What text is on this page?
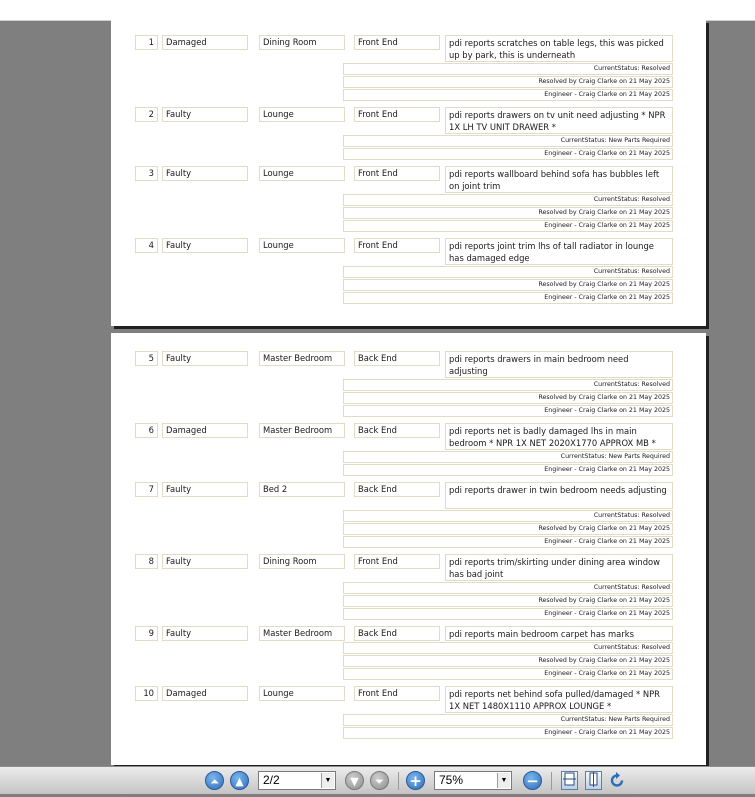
1	Damaged	Dining Room	Front End	pdi reports scratches on table legs, this was picked up by park, this is underneath
CurrentStatus: Resolved
Resolved by Craig Clarke on 21 May 2025
Engineer - Craig Clarke on 21 May 2025
2	Faulty	Lounge	Front End	pdi reports drawers on tv unit need adjusting * NPR 1X LH TV UNIT DRAWER *
CurrentStatus: New Parts Required
Engineer - Craig Clarke on 21 May 2025
3	Faulty	Lounge	Front End	pdi reports wallboard behind sofa has bubbles left on joint trim
CurrentStatus: Resolved
Resolved by Craig Clarke on 21 May 2025
Engineer - Craig Clarke on 21 May 2025
4	Faulty	Lounge	Front End	pdi reports joint trim lhs of tall radiator in lounge has damaged edge
CurrentStatus: Resolved
Resolved by Craig Clarke on 21 May 2025
Engineer - Craig Clarke on 21 May 2025
5	Faulty	Master Bedroom	Back End	pdi reports drawers in main bedroom need adjusting
CurrentStatus: Resolved
Resolved by Craig Clarke on 21 May 2025
Engineer - Craig Clarke on 21 May 2025
6	Damaged	Master Bedroom	Back End	pdi reports net is badly damaged lhs in main bedroom * NPR 1X NET 2020X1770 APPROX MB *
CurrentStatus: New Parts Required
Engineer - Craig Clarke on 21 May 2025
7	Faulty	Bed 2	Back End	pdi reports drawer in twin bedroom needs adjusting
CurrentStatus: Resolved
Resolved by Craig Clarke on 21 May 2025
Engineer - Craig Clarke on 21 May 2025
8	Faulty	Dining Room	Front End	pdi reports trim/skirting under dining area window has bad joint
CurrentStatus: Resolved
Resolved by Craig Clarke on 21 May 2025
Engineer - Craig Clarke on 21 May 2025
9	Faulty	Master Bedroom	Back End	pdi reports main bedroom carpet has marks
CurrentStatus: Resolved
Resolved by Craig Clarke on 21 May 2025
Engineer - Craig Clarke on 21 May 2025
10	Damaged	Lounge	Front End	pdi reports net behind sofa pulled/damaged * NPR 1X NET 1480X1110 APPROX LOUNGE *
CurrentStatus: New Parts Required
Engineer - Craig Clarke on 21 May 2025
⏶	▲	2/2	▼	▼	⏷	+	75%	▼ −
